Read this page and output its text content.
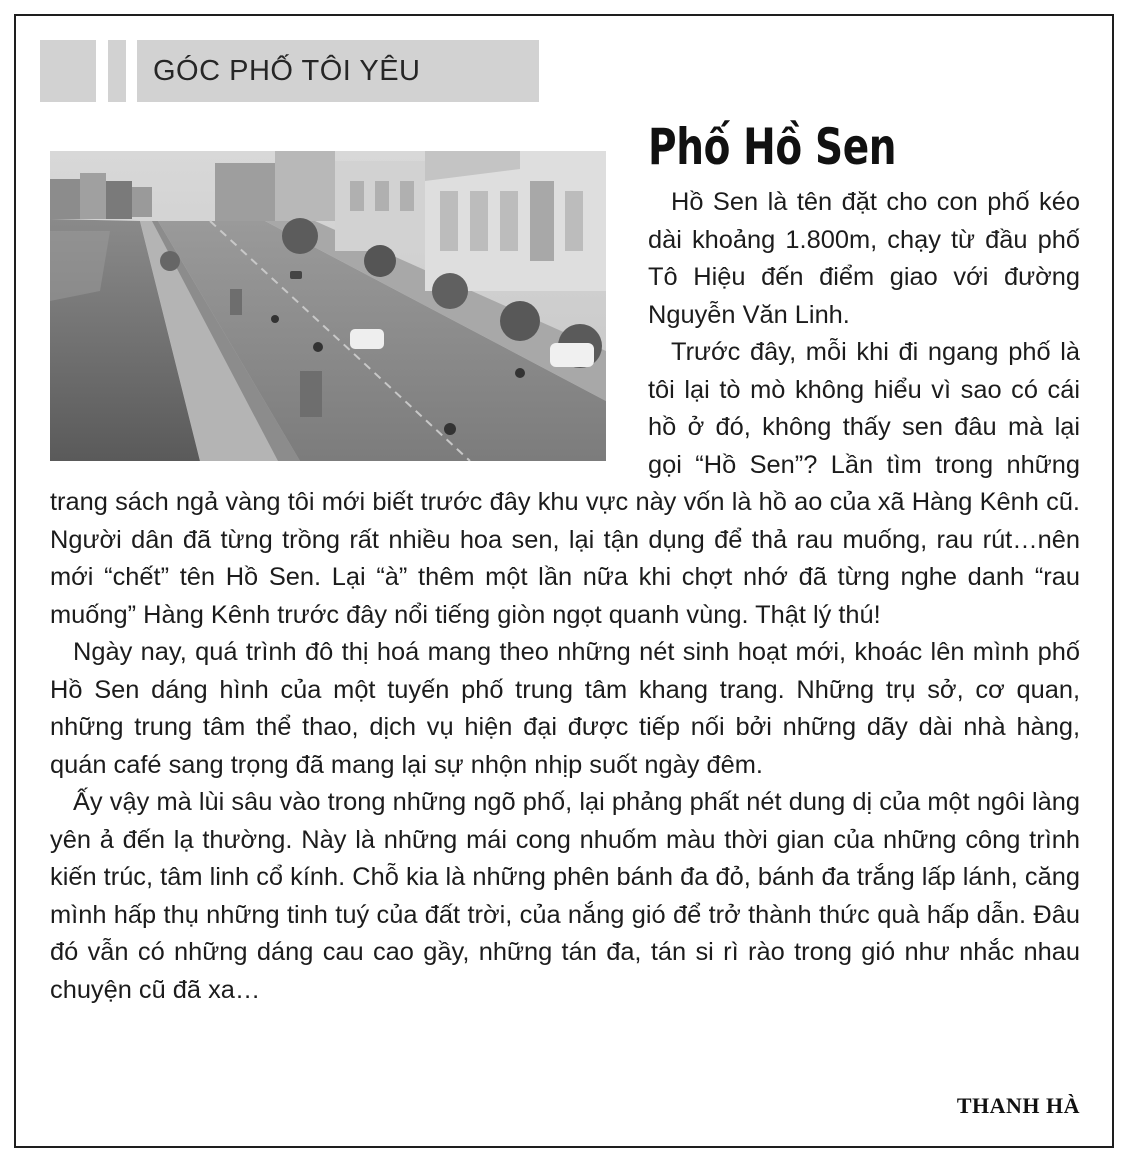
GÓC PHỐ TÔI YÊU
Phố Hồ Sen

Hồ Sen là tên đặt cho con phố kéo dài khoảng 1.800m, chạy từ đầu phố Tô Hiệu đến điểm giao với đường Nguyễn Văn Linh.

Trước đây, mỗi khi đi ngang phố là tôi lại tò mò không hiểu vì sao có cái hồ ở đó, không thấy sen đâu mà lại gọi “Hồ Sen”? Lần tìm trong những trang sách ngả vàng tôi mới biết trước đây khu vực này vốn là hồ ao của xã Hàng Kênh cũ. Người dân đã từng trồng rất nhiều hoa sen, lại tận dụng để thả rau muống, rau rút…nên mới “chết” tên Hồ Sen. Lại “à” thêm một lần nữa khi chợt nhớ đã từng nghe danh “rau muống” Hàng Kênh trước đây nổi tiếng giòn ngọt quanh vùng. Thật lý thú!

Ngày nay, quá trình đô thị hoá mang theo những nét sinh hoạt mới, khoác lên mình phố Hồ Sen dáng hình của một tuyến phố trung tâm khang trang. Những trụ sở, cơ quan, những trung tâm thể thao, dịch vụ hiện đại được tiếp nối bởi những dãy dài nhà hàng, quán café sang trọng đã mang lại sự nhộn nhịp suốt ngày đêm.

Ấy vậy mà lùi sâu vào trong những ngõ phố, lại phảng phất nét dung dị của một ngôi làng yên ả đến lạ thường. Này là những mái cong nhuốm màu thời gian của những công trình kiến trúc, tâm linh cổ kính. Chỗ kia là những phên bánh đa đỏ, bánh đa trắng lấp lánh, căng mình hấp thụ những tinh tuý của đất trời, của nắng gió để trở thành thức quà hấp dẫn. Đâu đó vẫn có những dáng cau cao gầy, những tán đa, tán si rì rào trong gió như nhắc nhau chuyện cũ đã xa…

THANH HÀ
